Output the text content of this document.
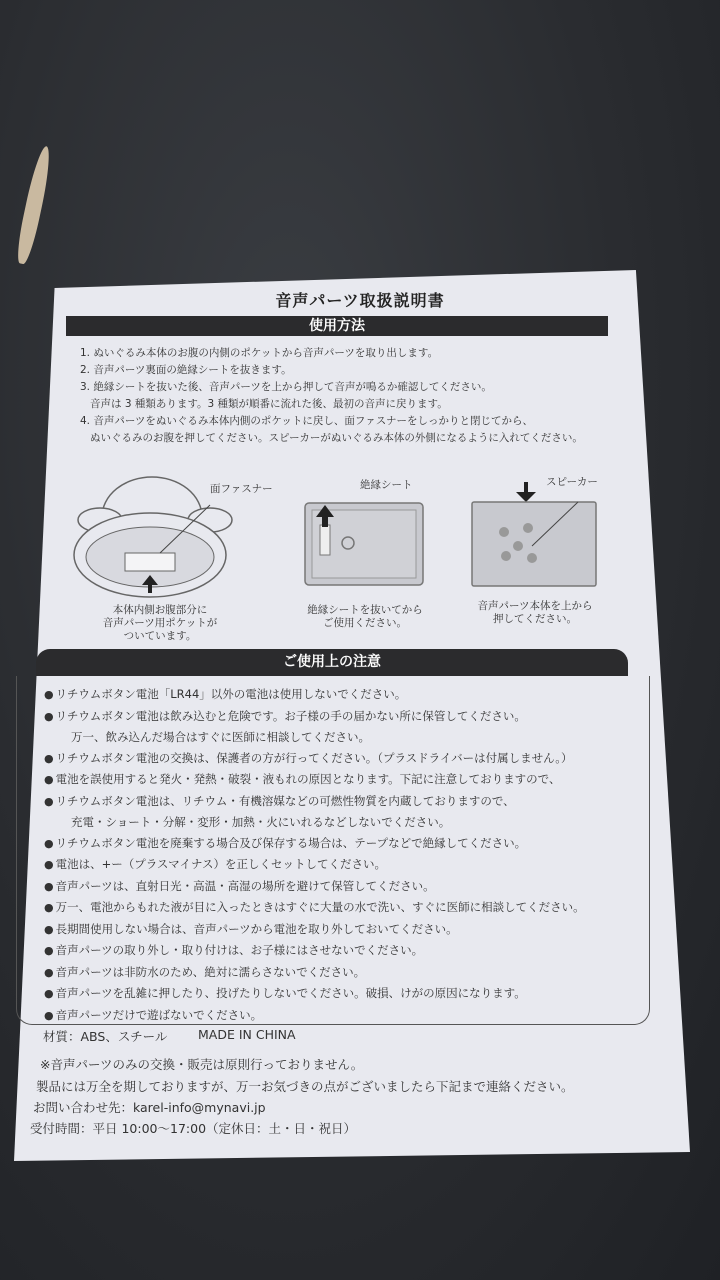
音声パーツ取扱説明書
使用方法
1. ぬいぐるみ本体のお腹の内側のポケットから音声パーツを取り出します。
2. 音声パーツ裏面の絶縁シートを抜きます。
3. 絶縁シートを抜いた後、音声パーツを上から押して音声が鳴るか確認してください。
音声は 3 種類あります。3 種類が順番に流れた後、最初の音声に戻ります。
4. 音声パーツをぬいぐるみ本体内側のポケットに戻し、面ファスナーをしっかりと閉じてから、
ぬいぐるみのお腹を押してください。スピーカーがぬいぐるみ本体の外側になるように入れてください。
面ファスナー
本体内側お腹部分に
音声パーツ用ポケットが
ついています。
絶縁シート
絶縁シートを抜いてから
ご使用ください。
スピーカー
音声パーツ本体を上から
押してください。
ご使用上の注意
● リチウムボタン電池「LR44」以外の電池は使用しないでください。
● リチウムボタン電池は飲み込むと危険です。お子様の手の届かない所に保管してください。
万一、飲み込んだ場合はすぐに医師に相談してください。
● リチウムボタン電池の交換は、保護者の方が行ってください。（プラスドライバーは付属しません。）
● 電池を誤使用すると発火・発熱・破裂・液もれの原因となります。下記に注意しておりますので、
● リチウムボタン電池は、リチウム・有機溶媒などの可燃性物質を内蔵しておりますので、
充電・ショート・分解・変形・加熱・火にいれるなどしないでください。
● リチウムボタン電池を廃棄する場合及び保存する場合は、テープなどで絶縁してください。
● 電池は、+ー（プラスマイナス）を正しくセットしてください。
● 音声パーツは、直射日光・高温・高湿の場所を避けて保管してください。
● 万一、電池からもれた液が目に入ったときはすぐに大量の水で洗い、すぐに医師に相談してください。
● 長期間使用しない場合は、音声パーツから電池を取り外しておいてください。
● 音声パーツの取り外し・取り付けは、お子様にはさせないでください。
● 音声パーツは非防水のため、絶対に濡らさないでください。
● 音声パーツを乱雑に押したり、投げたりしないでください。破損、けがの原因になります。
● 音声パーツだけで遊ばないでください。
材質：ABS、スチール MADE IN CHINA
※音声パーツのみの交換・販売は原則行っておりません。
製品には万全を期しておりますが、万一お気づきの点がございましたら下記まで連絡ください。
お問い合わせ先：karel-info@mynavi.jp
受付時間：平日 10:00～17:00（定休日：土・日・祝日）
